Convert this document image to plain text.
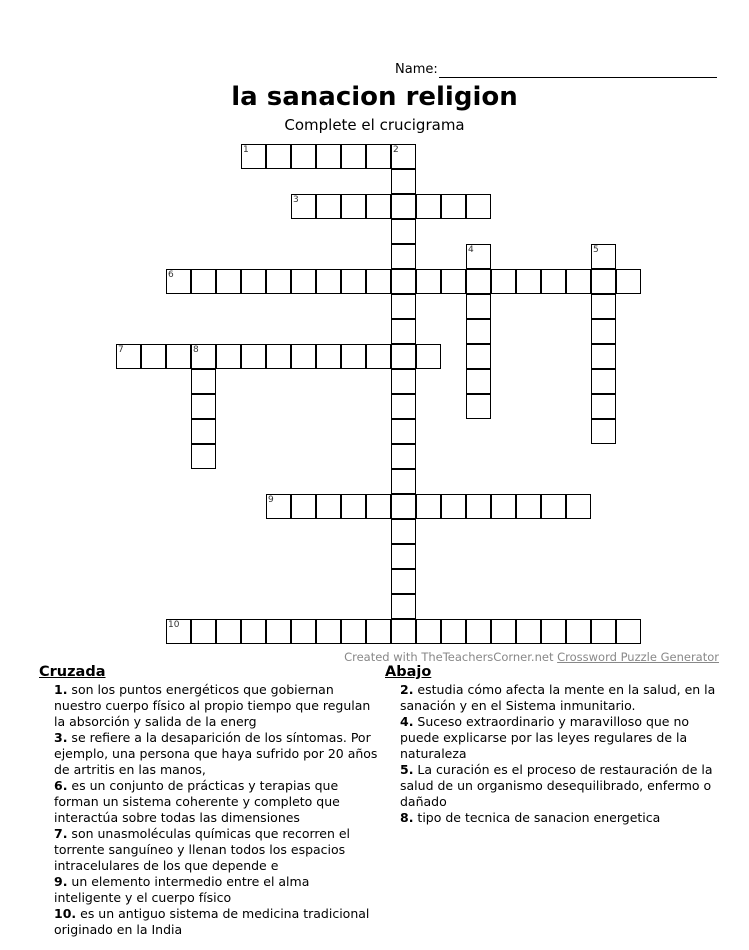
Name:
la sanacion religion
Complete el crucigrama
1	2
3
4	5
6
7	8
9
10
Created with TheTeachersCorner.net Crossword Puzzle Generator
Cruzada
1. son los puntos energéticos que gobiernan nuestro cuerpo físico al propio tiempo que regulan la absorción y salida de la energ
3. se refiere a la desaparición de los síntomas. Por ejemplo, una persona que haya sufrido por 20 años de artritis en las manos,
6. es un conjunto de prácticas y terapias que forman un sistema coherente y completo que interactúa sobre todas las dimensiones
7. son unasmoléculas químicas que recorren el torrente sanguíneo y llenan todos los espacios intracelulares de los que depende e
9. un elemento intermedio entre el alma inteligente y el cuerpo físico
10. es un antiguo sistema de medicina tradicional originado en la India
Abajo
2. estudia cómo afecta la mente en la salud, en la sanación y en el Sistema inmunitario.
4. Suceso extraordinario y maravilloso que no puede explicarse por las leyes regulares de la naturaleza
5. La curación es el proceso de restauración de la salud de un organismo desequilibrado, enfermo o dañado
8. tipo de tecnica de sanacion energetica
